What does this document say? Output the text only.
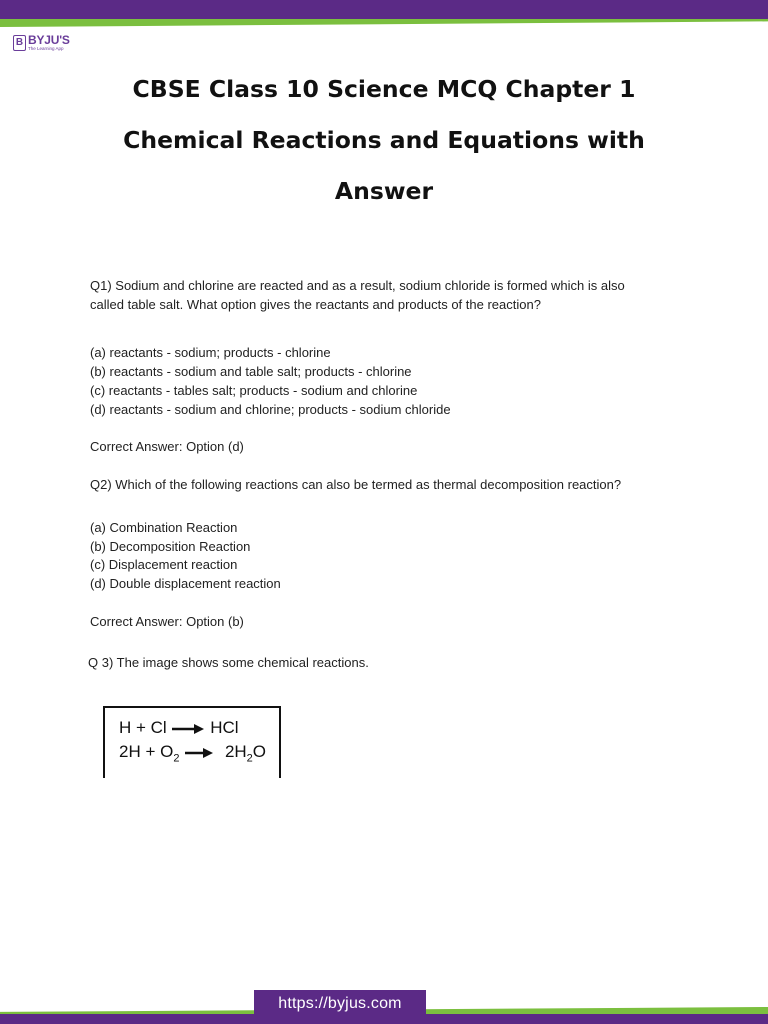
B BYJU'S
The Learning App
CBSE Class 10 Science MCQ Chapter 1
Chemical Reactions and Equations with
Answer
Q1) Sodium and chlorine are reacted and as a result, sodium chloride is formed which is also
called table salt. What option gives the reactants and products of the reaction?
(a) reactants - sodium; products - chlorine
(b) reactants - sodium and table salt; products - chlorine
(c) reactants - tables salt; products - sodium and chlorine
(d) reactants - sodium and chlorine; products - sodium chloride
Correct Answer: Option (d)
Q2) Which of the following reactions can also be termed as thermal decomposition reaction?
(a) Combination Reaction
(b) Decomposition Reaction
(c) Displacement reaction
(d) Double displacement reaction
Correct Answer: Option (b)
Q 3) The image shows some chemical reactions.
H + Cl	HCl
$2H + O_2$	$2H_2O$
https://byjus.com
